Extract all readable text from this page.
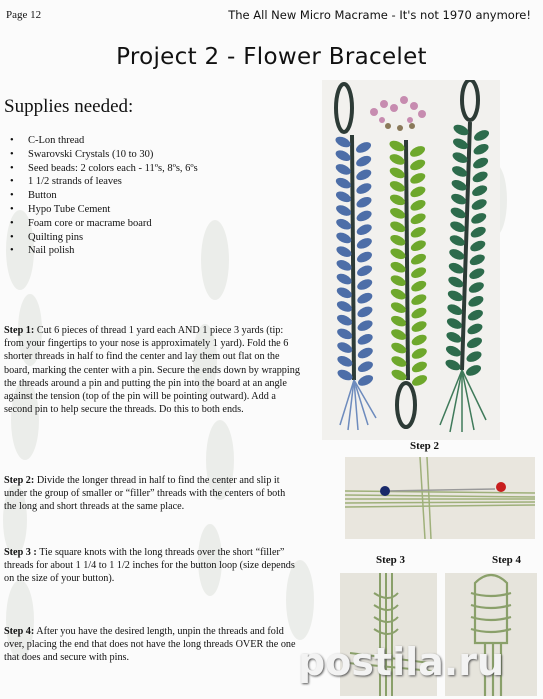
Page 12	The All New Micro Macrame - It's not 1970 anymore!
Project 2 - Flower Bracelet
Supplies needed:
• C-Lon thread
• Swarovski Crystals (10 to 30)
• Seed beads: 2 colors each - 11ºs, 8ºs, 6ºs
• 1 1/2 strands of leaves
• Button
• Hypo Tube Cement
• Foam core or macrame board
• Quilting pins
• Nail polish
Step 1: Cut 6 pieces of thread 1 yard each AND 1 piece 3 yards (tip: from your fingertips to your nose is approximately 1 yard). Fold the 6 shorter threads in half to find the center and lay them out flat on the board, marking the center with a pin. Secure the ends down by wrapping the threads around a pin and putting the pin into the board at an angle against the tension (top of the pin will be pointing outward). Add a second pin to help secure the threads. Do this to both ends.
Step 2
Step 2: Divide the longer thread in half to find the center and slip it under the group of smaller or “filler” threads with the centers of both the long and short threads at the same place.
Step 3	Step 4
Step 3 : Tie square knots with the long threads over the short “filler” threads for about 1 1/4 to 1 1/2 inches for the button loop (size depends on the size of your button).
Step 4: After you have the desired length, unpin the threads and fold over, placing the end that does not have the long threads OVER the one that does and secure with pins.	postila.ru
